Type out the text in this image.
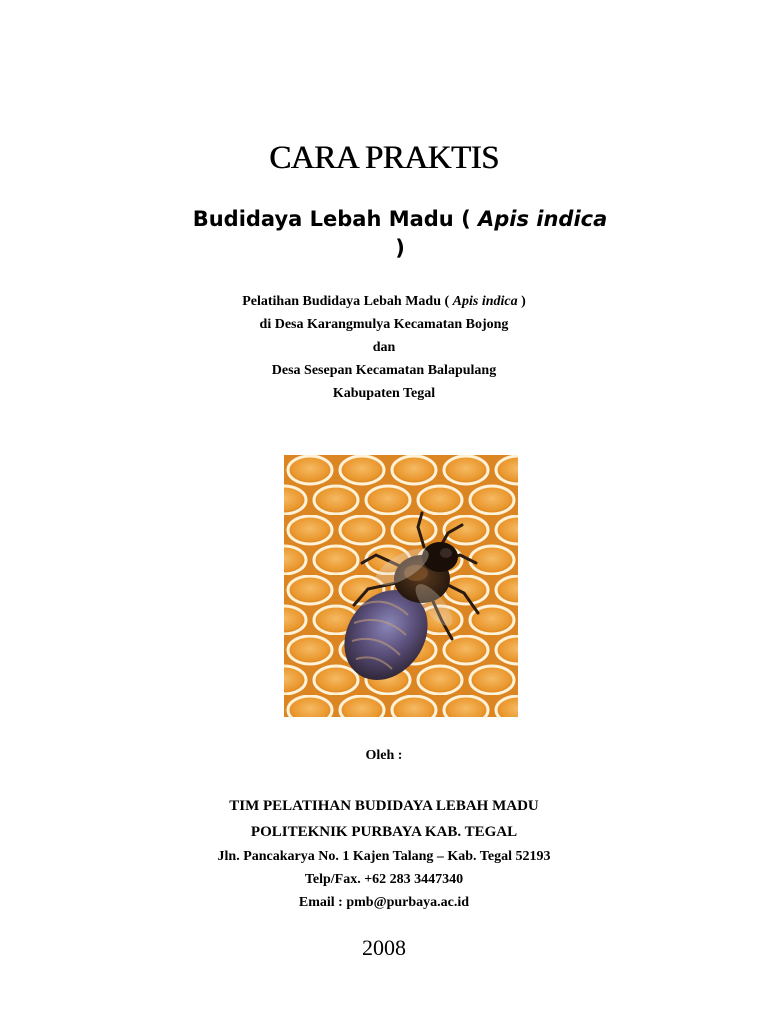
CARA PRAKTIS
Budidaya Lebah Madu ( Apis indica )
Pelatihan Budidaya Lebah Madu ( Apis indica )
di Desa Karangmulya Kecamatan Bojong
dan
Desa Sesepan Kecamatan Balapulang
Kabupaten Tegal
Oleh :
TIM PELATIHAN BUDIDAYA LEBAH MADU
POLITEKNIK PURBAYA KAB. TEGAL
Jln. Pancakarya No. 1 Kajen Talang – Kab. Tegal 52193
Telp/Fax. +62 283 3447340
Email : pmb@purbaya.ac.id
2008
